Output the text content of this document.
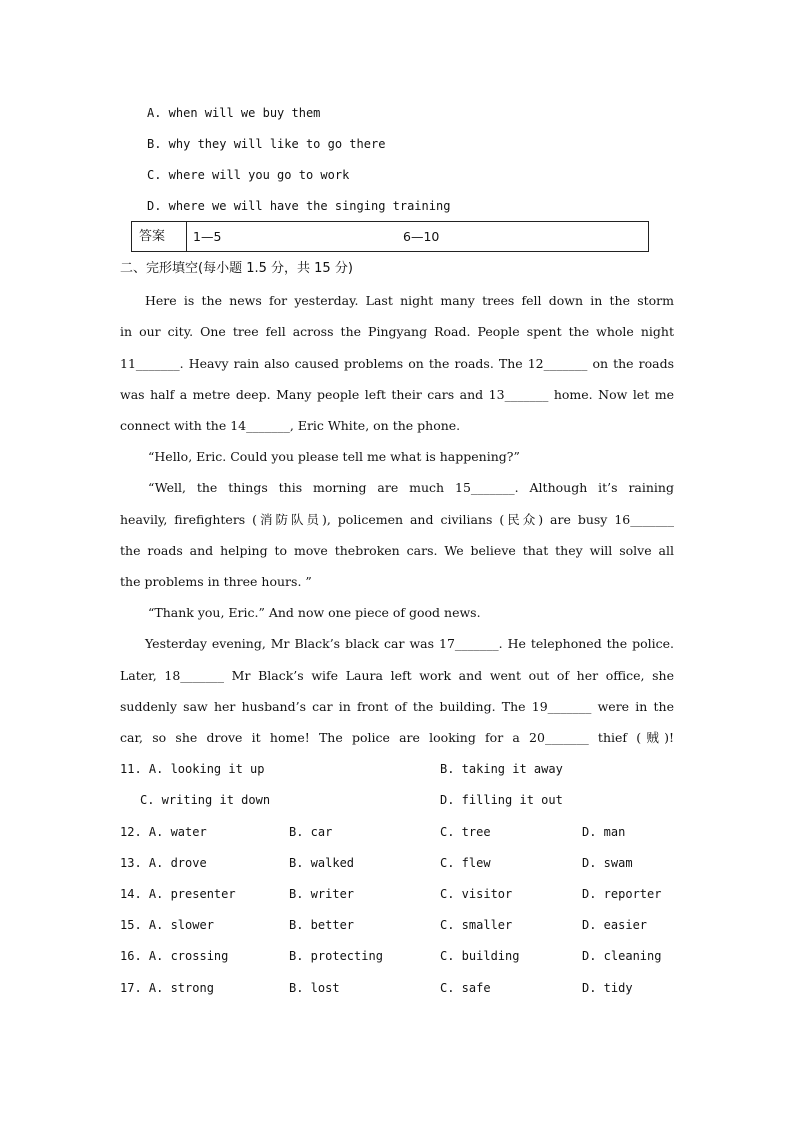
A. when will we buy them
B. why they will like to go there
C. where will you go to work
D. where we will have the singing training
答案	1—5	6—10
二、完形填空(每小题 1.5 分，共 15 分)
Here is the news for yesterday. Last night many trees fell down in the storm
in our city. One tree fell across the Pingyang Road. People spent the whole night
11_______. Heavy rain also caused problems on the roads. The 12_______ on the roads
was half a metre deep. Many people left their cars and 13_______ home. Now let me
connect with the 14_______, Eric White, on the phone.
“Hello, Eric. Could you please tell me what is happening?”
“Well, the things this morning are much 15_______. Although it’s raining
heavily, firefighters (消防队员), policemen and civilians (民众) are busy 16_______
the roads and helping to move thebroken cars. We believe that they will solve all
the problems in three hours. ”
“Thank you, Eric.” And now one piece of good news.
Yesterday evening, Mr Black’s black car was 17_______. He telephoned the police.
Later, 18_______ Mr Black’s wife Laura left work and went out of her office, she
suddenly saw her husband’s car in front of the building. The 19_______ were in the
car, so she drove it home! The police are looking for a 20_______ thief (贼)!
11. A. looking it up	B. taking it away
C. writing it down	D. filling it out
12. A. water	B. car	C. tree	D. man
13. A. drove	B. walked	C. flew	D. swam
14. A. presenter	B. writer	C. visitor	D. reporter
15. A. slower	B. better	C. smaller	D. easier
16. A. crossing	B. protecting	C. building	D. cleaning
17. A. strong	B. lost	C. safe	D. tidy
